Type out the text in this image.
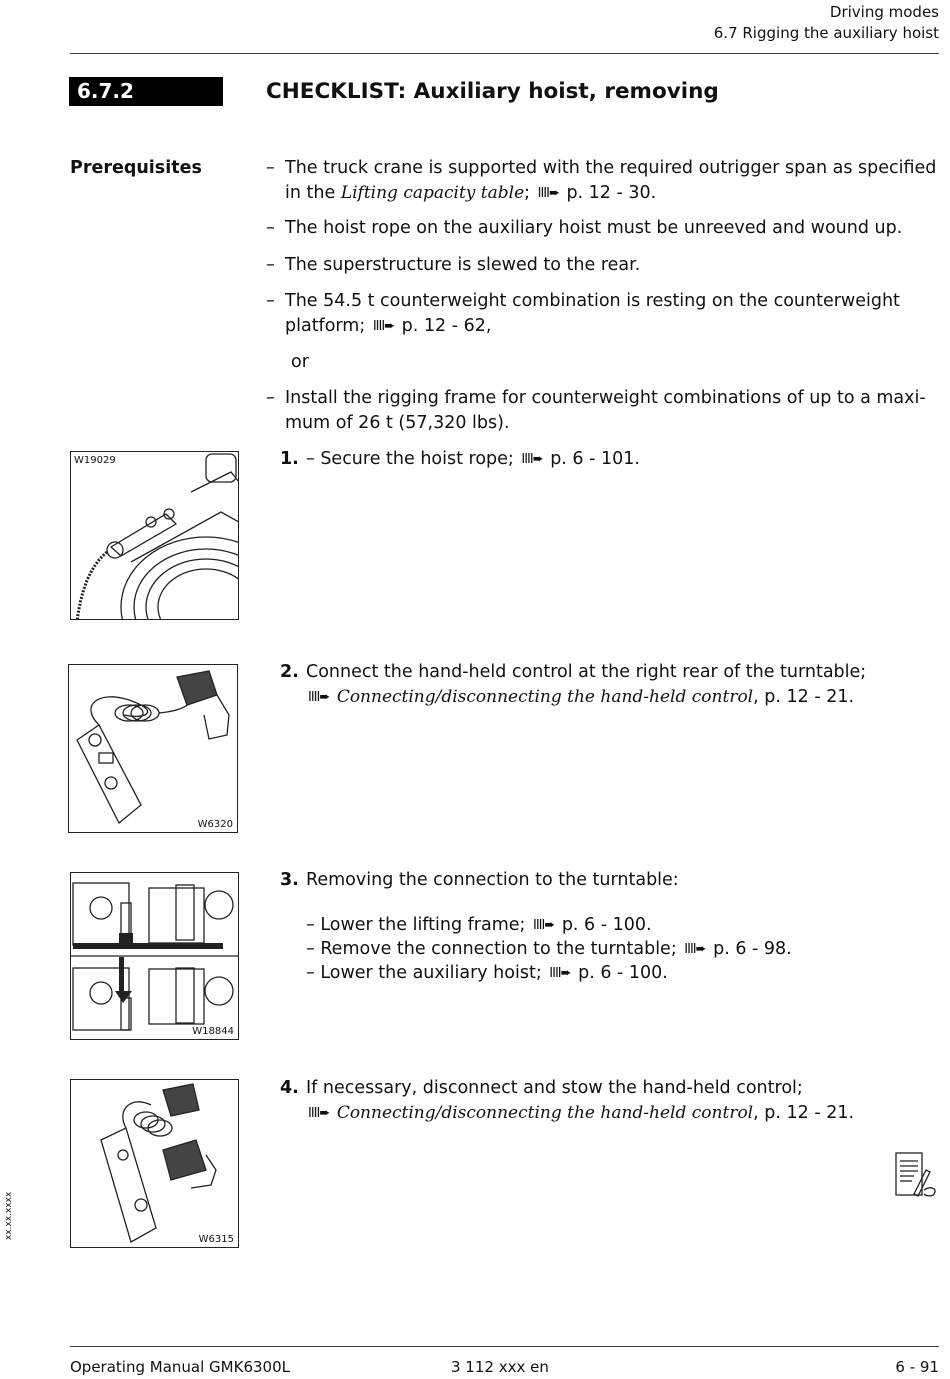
Driving modes
6.7 Rigging the auxiliary hoist
6.7.2	CHECKLIST: Auxiliary hoist, removing
Prerequisites	– The truck crane is supported with the required outrigger span as specified in the Lifting capacity table; IIII➨ p. 12 - 30.
– The hoist rope on the auxiliary hoist must be unreeved and wound up.
– The superstructure is slewed to the rear.
– The 54.5 t counterweight combination is resting on the counterweight platform; IIII➨ p. 12 - 62,
or
– Install the rigging frame for counterweight combinations of up to a maxi-mum of 26 t (57,320 lbs).
W19029	1. – Secure the hoist rope; IIII➨ p. 6 - 101.
W6320
2. Connect the hand-held control at the right rear of the turntable;
IIII➨ Connecting/disconnecting the hand-held control, p. 12 - 21.
W18844
3. Removing the connection to the turntable:
– Lower the lifting frame; IIII➨ p. 6 - 100.
– Remove the connection to the turntable; IIII➨ p. 6 - 98.
– Lower the auxiliary hoist; IIII➨ p. 6 - 100.
W6315
4. If necessary, disconnect and stow the hand-held control;
IIII➨ Connecting/disconnecting the hand-held control, p. 12 - 21.
xx.xx.xxxx
Operating Manual GMK6300L	3 112 xxx en	6 - 91
